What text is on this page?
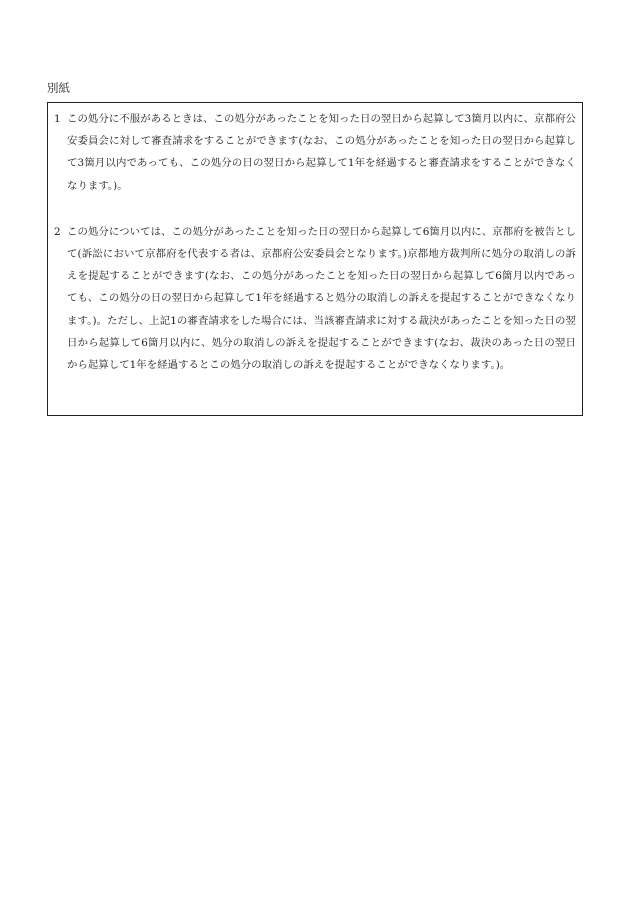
別紙
1 この処分に不服があるときは、この処分があったことを知った日の翌日から起算して3箇月以内に、京都府公安委員会に対して審査請求をすることができます(なお、この処分があったことを知った日の翌日から起算して3箇月以内であっても、この処分の日の翌日から起算して1年を経過すると審査請求をすることができなくなります。)。
2 この処分については、この処分があったことを知った日の翌日から起算して6箇月以内に、京都府を被告として(訴訟において京都府を代表する者は、京都府公安委員会となります。)京都地方裁判所に処分の取消しの訴えを提起することができます(なお、この処分があったことを知った日の翌日から起算して6箇月以内であっても、この処分の日の翌日から起算して1年を経過すると処分の取消しの訴えを提起することができなくなります。)。ただし、上記1の審査請求をした場合には、当該審査請求に対する裁決があったことを知った日の翌日から起算して6箇月以内に、処分の取消しの訴えを提起することができます(なお、裁決のあった日の翌日から起算して1年を経過するとこの処分の取消しの訴えを提起することができなくなります。)。
